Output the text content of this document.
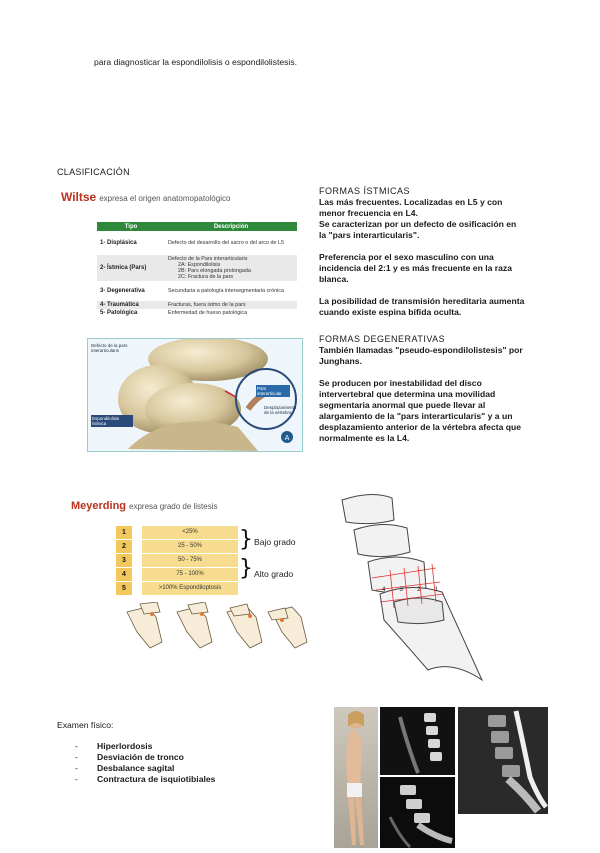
para diagnosticar la espondilolisis o espondilolistesis.
CLASIFICACIÓN
Wiltse expresa el origen anatomopatológico
Tipo	Descripción
1- Displásica	Defecto del desarrollo del sacro o del arco de L5
2- Ístmica (Pars)	Defecto de la Pars interarticularis
2A: Espondilolisis
2B: Pars elongada prolongada
2C: Fractura de la pars

3- Degenerativa	Secundaria a patología intersegmentaria crónica
4- Traumática	Fracturas, fuera istmo de la pars
5- Patológica	Enfermedad de hueso patológica
A
Defecto de la pars interarticularis
Espondilolisis ístmica
Pars interarticular
Desplazamiento de la vértebra
FORMAS ÍSTMICAS
Las más frecuentes. Localizadas en L5 y con
menor frecuencia en L4.
Se caracterizan por un defecto de osificación en
la "pars interarticularis".
Preferencia por el sexo masculino con una
incidencia del 2:1 y es más frecuente en la raza
blanca.
La posibilidad de transmisión hereditaria aumenta
cuando existe espina bífida oculta.
FORMAS DEGENERATIVAS
También llamadas "pseudo-espondilolistesis" por
Junghans.
Se producen por inestabilidad del disco
intervertebral que determina una movilidad
segmentaria anormal que puede llevar al
alargamiento de la "pars interarticularis" y a un
desplazamiento anterior de la vértebra afecta que
normalmente es la L4.
Meyerding expresa grado de listesis
1	<25%
2	25 - 50%
3	50 - 75%
4	75 - 100%
5	>100% Espondiloptosis
} Bajo grado
} Alto grado
4 3 2 1
Examen físico:
-	Hiperlordosis
-	Desviación de tronco
-	Desbalance sagital
-	Contractura de isquiotibiales
